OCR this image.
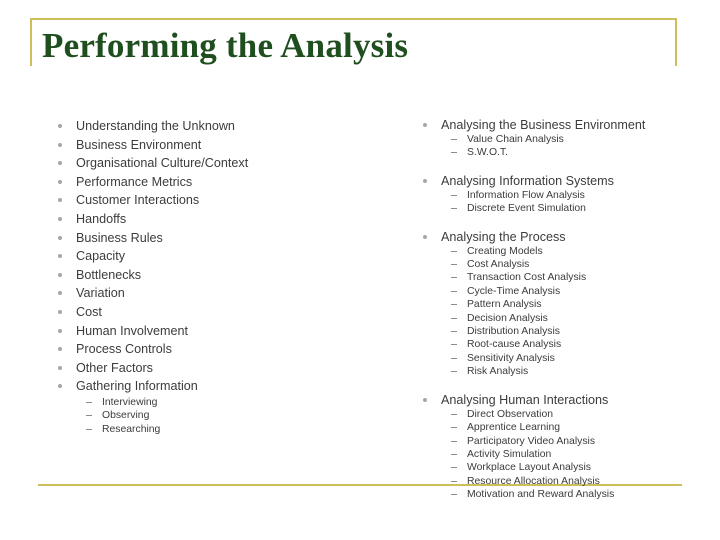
Performing the Analysis
Understanding the Unknown
Business Environment
Organisational Culture/Context
Performance Metrics
Customer Interactions
Handoffs
Business Rules
Capacity
Bottlenecks
Variation
Cost
Human Involvement
Process Controls
Other Factors
Gathering Information
Interviewing
Observing
Researching
Analysing the Business Environment
Value Chain Analysis
S.W.O.T.
Analysing Information Systems
Information Flow Analysis
Discrete Event Simulation
Analysing the Process
Creating Models
Cost Analysis
Transaction Cost Analysis
Cycle-Time Analysis
Pattern Analysis
Decision Analysis
Distribution Analysis
Root-cause Analysis
Sensitivity Analysis
Risk Analysis
Analysing Human Interactions
Direct Observation
Apprentice Learning
Participatory Video Analysis
Activity Simulation
Workplace Layout Analysis
Resource Allocation Analysis
Motivation and Reward Analysis
